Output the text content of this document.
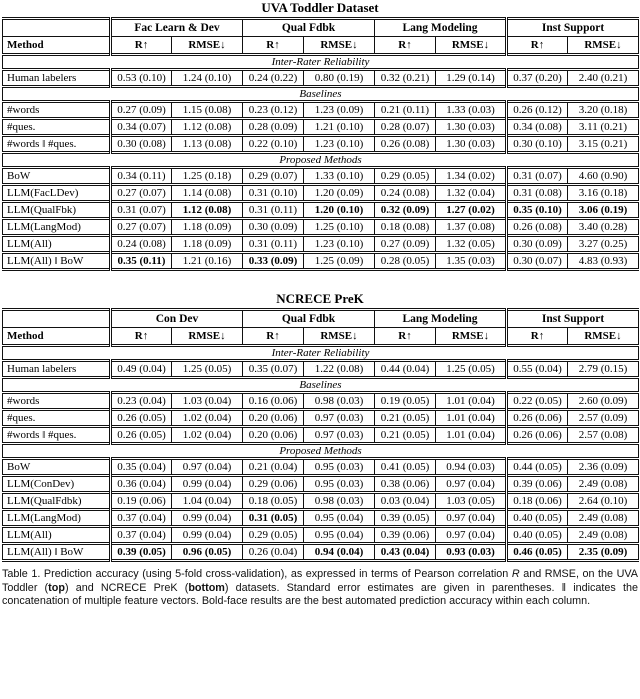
UVA Toddler Dataset
	Fac Learn & Dev		Qual Fdbk		Lang Modeling		Inst Support	
Method	R↑	RMSE↓	R↑	RMSE↓	R↑	RMSE↓	R↑	RMSE↓
Inter-Rater Reliability								
Human labelers	0.53 (0.10)	1.24 (0.10)	0.24 (0.22)	0.80 (0.19)	0.32 (0.21)	1.29 (0.14)	0.37 (0.20)	2.40 (0.21)
Baselines								
#words	0.27 (0.09)	1.15 (0.08)	0.23 (0.12)	1.23 (0.09)	0.21 (0.11)	1.33 (0.03)	0.26 (0.12)	3.20 (0.18)
#ques.	0.34 (0.07)	1.12 (0.08)	0.28 (0.09)	1.21 (0.10)	0.28 (0.07)	1.30 (0.03)	0.34 (0.08)	3.11 (0.21)
#words ‖ #ques.	0.30 (0.08)	1.13 (0.08)	0.22 (0.10)	1.23 (0.10)	0.26 (0.08)	1.30 (0.03)	0.30 (0.10)	3.15 (0.21)
Proposed Methods								
BoW	0.34 (0.11)	1.25 (0.18)	0.29 (0.07)	1.33 (0.10)	0.29 (0.05)	1.34 (0.02)	0.31 (0.07)	4.60 (0.90)
LLM(FacLDev)	0.27 (0.07)	1.14 (0.08)	0.31 (0.10)	1.20 (0.09)	0.24 (0.08)	1.32 (0.04)	0.31 (0.08)	3.16 (0.18)
LLM(QualFbk)	0.31 (0.07)	1.12 (0.08)	0.31 (0.11)	1.20 (0.10)	0.32 (0.09)	1.27 (0.02)	0.35 (0.10)	3.06 (0.19)
LLM(LangMod)	0.27 (0.07)	1.18 (0.09)	0.30 (0.09)	1.25 (0.10)	0.18 (0.08)	1.37 (0.08)	0.26 (0.08)	3.40 (0.28)
LLM(All)	0.24 (0.08)	1.18 (0.09)	0.31 (0.11)	1.23 (0.10)	0.27 (0.09)	1.32 (0.05)	0.30 (0.09)	3.27 (0.25)
LLM(All) ‖ BoW	0.35 (0.11)	1.21 (0.16)	0.33 (0.09)	1.25 (0.09)	0.28 (0.05)	1.35 (0.03)	0.30 (0.07)	4.83 (0.93)
NCRECE PreK
	Con Dev		Qual Fdbk		Lang Modeling		Inst Support	
Method	R↑	RMSE↓	R↑	RMSE↓	R↑	RMSE↓	R↑	RMSE↓
Inter-Rater Reliability								
Human labelers	0.49 (0.04)	1.25 (0.05)	0.35 (0.07)	1.22 (0.08)	0.44 (0.04)	1.25 (0.05)	0.55 (0.04)	2.79 (0.15)
Baselines								
#words	0.23 (0.04)	1.03 (0.04)	0.16 (0.06)	0.98 (0.03)	0.19 (0.05)	1.01 (0.04)	0.22 (0.05)	2.60 (0.09)
#ques.	0.26 (0.05)	1.02 (0.04)	0.20 (0.06)	0.97 (0.03)	0.21 (0.05)	1.01 (0.04)	0.26 (0.06)	2.57 (0.09)
#words ‖ #ques.	0.26 (0.05)	1.02 (0.04)	0.20 (0.06)	0.97 (0.03)	0.21 (0.05)	1.01 (0.04)	0.26 (0.06)	2.57 (0.08)
Proposed Methods								
BoW	0.35 (0.04)	0.97 (0.04)	0.21 (0.04)	0.95 (0.03)	0.41 (0.05)	0.94 (0.03)	0.44 (0.05)	2.36 (0.09)
LLM(ConDev)	0.36 (0.04)	0.99 (0.04)	0.29 (0.06)	0.95 (0.03)	0.38 (0.06)	0.97 (0.04)	0.39 (0.06)	2.49 (0.08)
LLM(QualFdbk)	0.19 (0.06)	1.04 (0.04)	0.18 (0.05)	0.98 (0.03)	0.03 (0.04)	1.03 (0.05)	0.18 (0.06)	2.64 (0.10)
LLM(LangMod)	0.37 (0.04)	0.99 (0.04)	0.31 (0.05)	0.95 (0.04)	0.39 (0.05)	0.97 (0.04)	0.40 (0.05)	2.49 (0.08)
LLM(All)	0.37 (0.04)	0.99 (0.04)	0.29 (0.05)	0.95 (0.04)	0.39 (0.06)	0.97 (0.04)	0.40 (0.05)	2.49 (0.08)
LLM(All) ‖ BoW	0.39 (0.05)	0.96 (0.05)	0.26 (0.04)	0.94 (0.04)	0.43 (0.04)	0.93 (0.03)	0.46 (0.05)	2.35 (0.09)

Table 1. Prediction accuracy (using 5-fold cross-validation), as expressed in terms of Pearson correlation R and RMSE, on the UVA Toddler (top) and NCRECE PreK (bottom) datasets. Standard error estimates are given in parentheses. ‖ indicates the concatenation of multiple feature vectors. Bold-face results are the best automated prediction accuracy within each column.
